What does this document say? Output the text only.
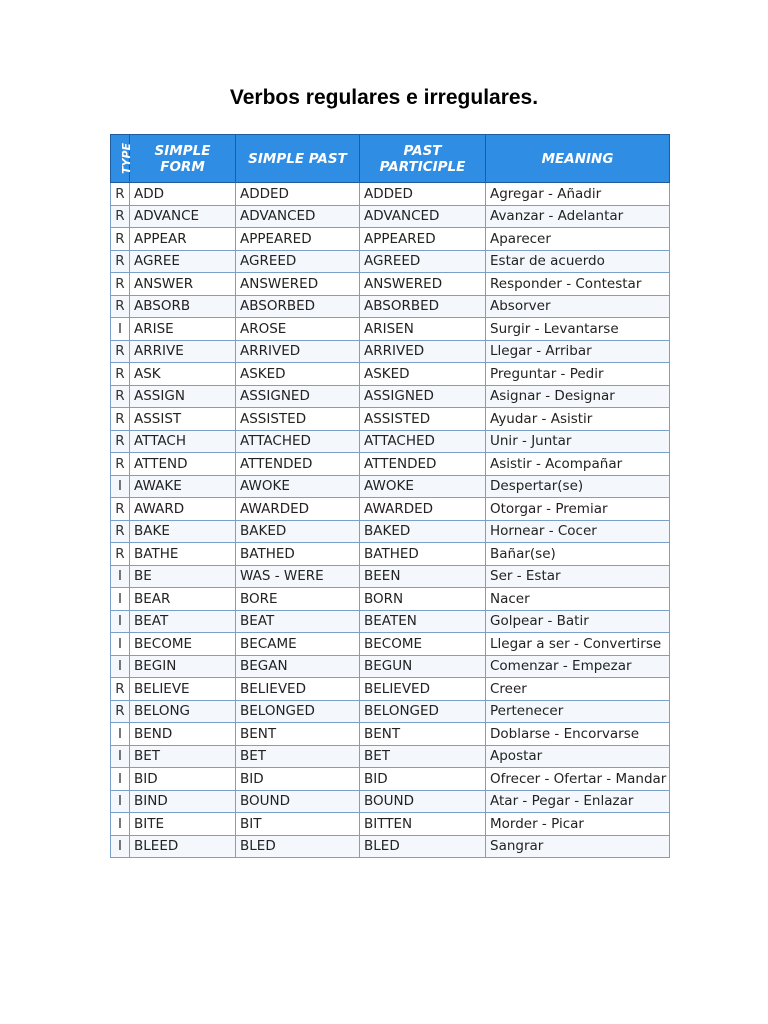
Verbos regulares e irregulares.
TYPE	SIMPLE FORM	SIMPLE PAST	PAST PARTICIPLE	MEANING
R	ADD	ADDED	ADDED	Agregar - Añadir
R	ADVANCE	ADVANCED	ADVANCED	Avanzar - Adelantar
R	APPEAR	APPEARED	APPEARED	Aparecer
R	AGREE	AGREED	AGREED	Estar de acuerdo
R	ANSWER	ANSWERED	ANSWERED	Responder - Contestar
R	ABSORB	ABSORBED	ABSORBED	Absorver
I	ARISE	AROSE	ARISEN	Surgir - Levantarse
R	ARRIVE	ARRIVED	ARRIVED	Llegar - Arribar
R	ASK	ASKED	ASKED	Preguntar - Pedir
R	ASSIGN	ASSIGNED	ASSIGNED	Asignar - Designar
R	ASSIST	ASSISTED	ASSISTED	Ayudar - Asistir
R	ATTACH	ATTACHED	ATTACHED	Unir - Juntar
R	ATTEND	ATTENDED	ATTENDED	Asistir - Acompañar
I	AWAKE	AWOKE	AWOKE	Despertar(se)
R	AWARD	AWARDED	AWARDED	Otorgar - Premiar
R	BAKE	BAKED	BAKED	Hornear - Cocer
R	BATHE	BATHED	BATHED	Bañar(se)
I	BE	WAS - WERE	BEEN	Ser - Estar
I	BEAR	BORE	BORN	Nacer
I	BEAT	BEAT	BEATEN	Golpear - Batir
I	BECOME	BECAME	BECOME	Llegar a ser - Convertirse
I	BEGIN	BEGAN	BEGUN	Comenzar - Empezar
R	BELIEVE	BELIEVED	BELIEVED	Creer
R	BELONG	BELONGED	BELONGED	Pertenecer
I	BEND	BENT	BENT	Doblarse - Encorvarse
I	BET	BET	BET	Apostar
I	BID	BID	BID	Ofrecer - Ofertar - Mandar
I	BIND	BOUND	BOUND	Atar - Pegar - Enlazar
I	BITE	BIT	BITTEN	Morder - Picar
I	BLEED	BLED	BLED	Sangrar
